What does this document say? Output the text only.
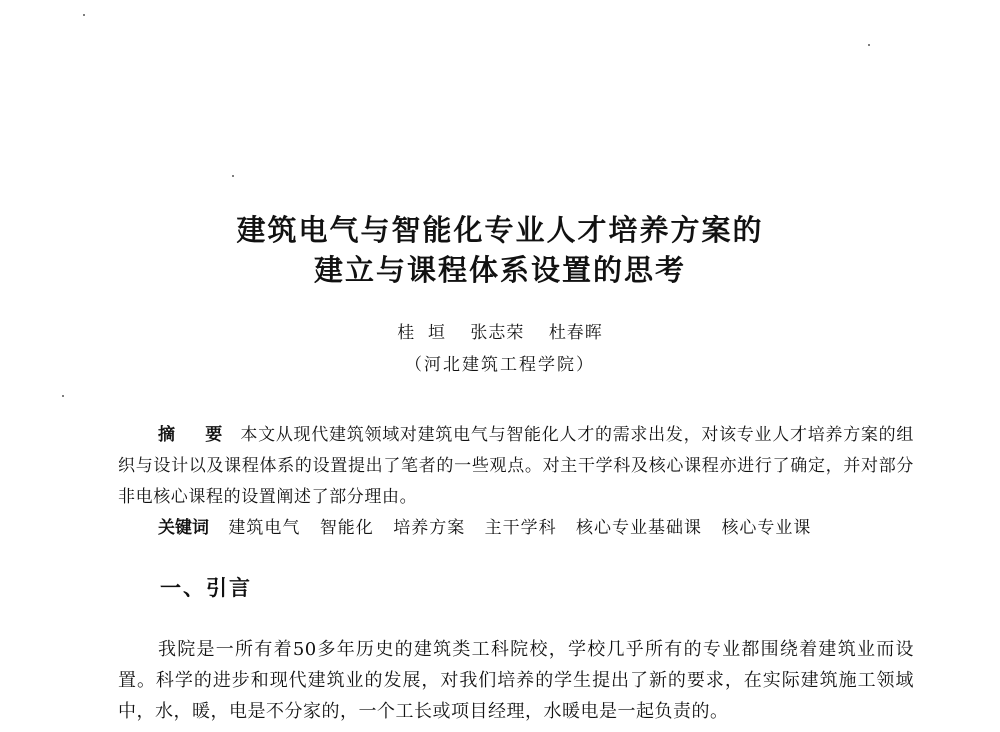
建筑电气与智能化专业人才培养方案的
建立与课程体系设置的思考
桂  垣 张志荣 杜春晖
（河北建筑工程学院）

摘  要 本文从现代建筑领域对建筑电气与智能化人才的需求出发，对该专业人才培养方案的组织与设计以及课程体系的设置提出了笔者的一些观点。对主干学科及核心课程亦进行了确定，并对部分非电核心课程的设置阐述了部分理由。

关键词 建筑电气 智能化 培养方案 主干学科 核心专业基础课 核心专业课
一、引言

我院是一所有着50多年历史的建筑类工科院校，学校几乎所有的专业都围绕着建筑业而设置。科学的进步和现代建筑业的发展，对我们培养的学生提出了新的要求，在实际建筑施工领域中，水，暖，电是不分家的，一个工长或项目经理，水暖电是一起负责的。
